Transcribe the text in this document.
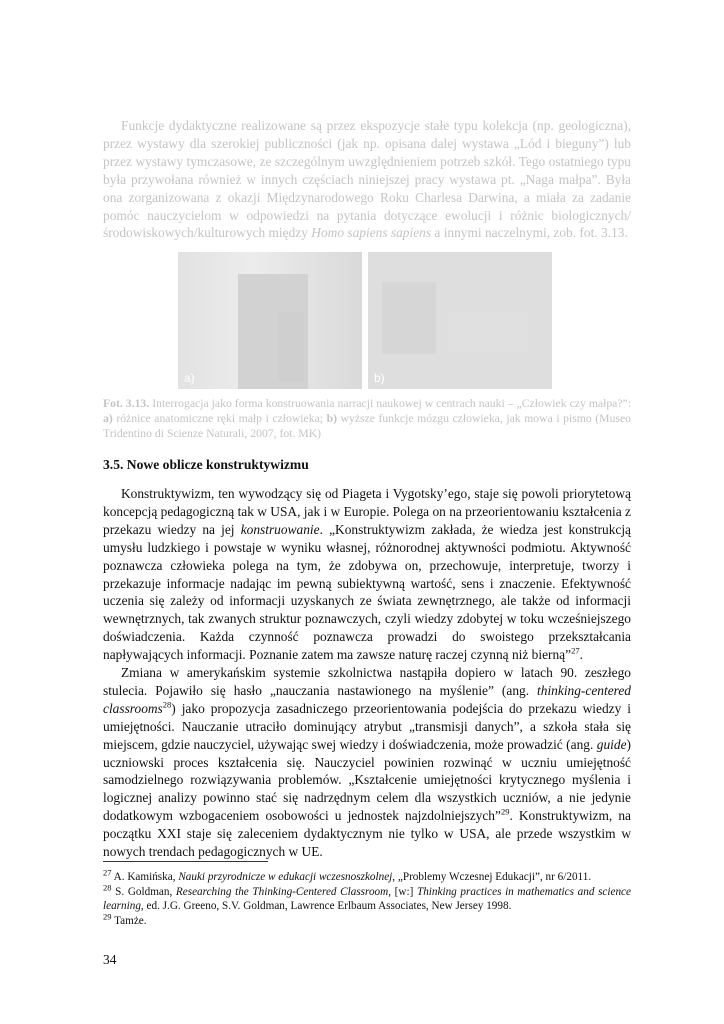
Funkcje dydaktyczne realizowane są przez ekspozycje stałe typu kolekcja (np. geologiczna), przez wystawy dla szerokiej publiczności (jak np. opisana dalej wystawa „Lód i bieguny”) lub przez wystawy tymczasowe, ze szczególnym uwzględnieniem potrzeb szkół. Tego ostatniego typu była przywołana również w innych częściach niniejszej pracy wystawa pt. „Naga małpa”. Była ona zorganizowana z okazji Międzynarodowego Roku Charlesa Darwina, a miała za zadanie pomóc nauczycielom w odpowiedzi na pytania dotyczące ewolucji i różnic biologicznych/środowiskowych/kulturowych między Homo sapiens sapiens a innymi naczelnymi, zob. fot. 3.13.

a)	b)

Fot. 3.13. Interrogacja jako forma konstruowania narracji naukowej w centrach nauki – „Człowiek czy małpa?”: a) różnice anatomiczne ręki małp i człowieka; b) wyższe funkcje mózgu człowieka, jak mowa i pismo (Museo Tridentino di Scienze Naturali, 2007, fot. MK)

3.5. Nowe oblicze konstruktywizmu

Konstruktywizm, ten wywodzący się od Piageta i Vygotsky’ego, staje się powoli priorytetową koncepcją pedagogiczną tak w USA, jak i w Europie. Polega on na przeorientowaniu kształcenia z przekazu wiedzy na jej konstruowanie. „Konstruktywizm zakłada, że wiedza jest konstrukcją umysłu ludzkiego i powstaje w wyniku własnej, różnorodnej aktywności podmiotu. Aktywność poznawcza człowieka polega na tym, że zdobywa on, przechowuje, interpretuje, tworzy i przekazuje informacje nadając im pewną subiektywną wartość, sens i znaczenie. Efektywność uczenia się zależy od informacji uzyskanych ze świata zewnętrznego, ale także od informacji wewnętrznych, tak zwanych struktur poznawczych, czyli wiedzy zdobytej w toku wcześniejszego doświadczenia. Każda czynność poznawcza prowadzi do swoistego przekształcania napływających informacji. Poznanie zatem ma zawsze naturę raczej czynną niż bierną”$^{27}$.

Zmiana w amerykańskim systemie szkolnictwa nastąpiła dopiero w latach 90. zeszłego stulecia. Pojawiło się hasło „nauczania nastawionego na myślenie” (ang. thinking-centered classrooms$^{28}$) jako propozycja zasadniczego przeorientowania podejścia do przekazu wiedzy i umiejętności. Nauczanie utraciło dominujący atrybut „transmisji danych”, a szkoła stała się miejscem, gdzie nauczyciel, używając swej wiedzy i doświadczenia, może prowadzić (ang. guide) uczniowski proces kształcenia się. Nauczyciel powinien rozwinąć w uczniu umiejętność samodzielnego rozwiązywania problemów. „Kształcenie umiejętności krytycznego myślenia i logicznej analizy powinno stać się nadrzędnym celem dla wszystkich uczniów, a nie jedynie dodatkowym wzbogaceniem osobowości u jednostek najzdolniejszych”$^{29}$. Konstruktywizm, na początku XXI staje się zaleceniem dydaktycznym nie tylko w USA, ale przede wszystkim w nowych trendach pedagogicznych w UE.

$^{27}$ A. Kamińska, Nauki przyrodnicze w edukacji wczesnoszkolnej, „Problemy Wczesnej Edukacji”, nr 6/2011.

$^{28}$ S. Goldman, Researching the Thinking-Centered Classroom, [w:] Thinking practices in mathematics and science learning, ed. J.G. Greeno, S.V. Goldman, Lawrence Erlbaum Associates, New Jersey 1998.

$^{29}$ Tamże.

34
